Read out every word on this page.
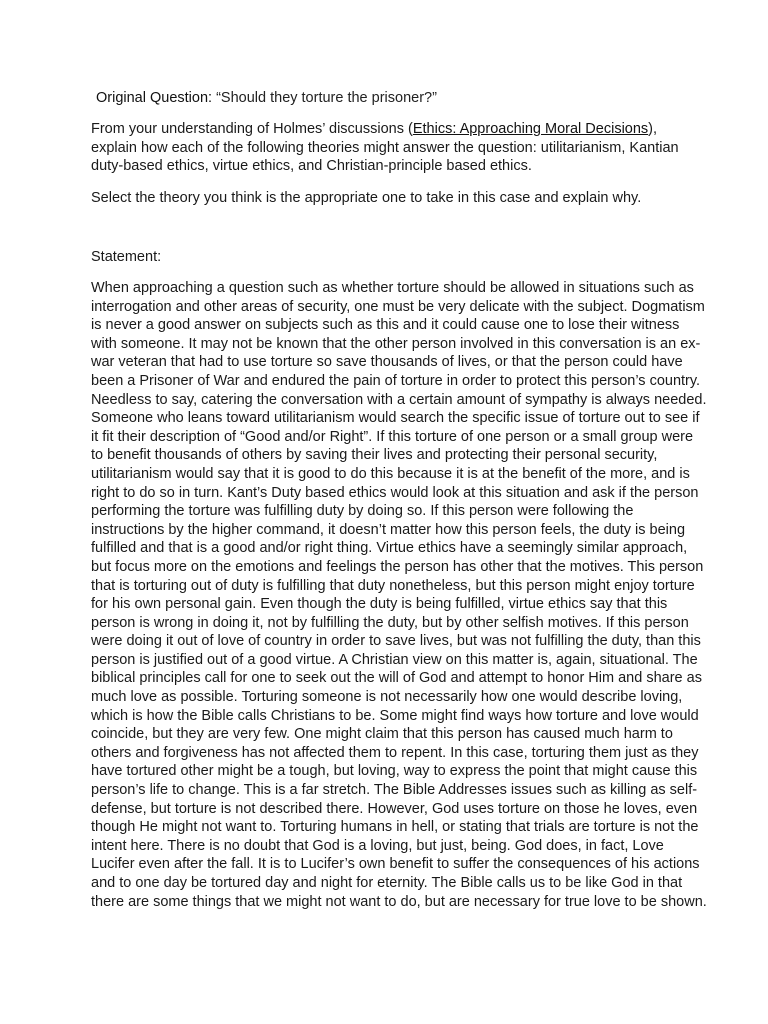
Original Question: “Should they torture the prisoner?”
From your understanding of Holmes’ discussions (Ethics: Approaching Moral Decisions),
explain how each of the following theories might answer the question: utilitarianism, Kantian
duty-based ethics, virtue ethics, and Christian-principle based ethics.
Select the theory you think is the appropriate one to take in this case and explain why.
Statement:
When approaching a question such as whether torture should be allowed in situations such as
interrogation and other areas of security, one must be very delicate with the subject. Dogmatism
is never a good answer on subjects such as this and it could cause one to lose their witness
with someone. It may not be known that the other person involved in this conversation is an ex-
war veteran that had to use torture so save thousands of lives, or that the person could have
been a Prisoner of War and endured the pain of torture in order to protect this person’s country.
Needless to say, catering the conversation with a certain amount of sympathy is always needed.
Someone who leans toward utilitarianism would search the specific issue of torture out to see if
it fit their description of “Good and/or Right”. If this torture of one person or a small group were
to benefit thousands of others by saving their lives and protecting their personal security,
utilitarianism would say that it is good to do this because it is at the benefit of the more, and is
right to do so in turn. Kant’s Duty based ethics would look at this situation and ask if the person
performing the torture was fulfilling duty by doing so. If this person were following the
instructions by the higher command, it doesn’t matter how this person feels, the duty is being
fulfilled and that is a good and/or right thing. Virtue ethics have a seemingly similar approach,
but focus more on the emotions and feelings the person has other that the motives. This person
that is torturing out of duty is fulfilling that duty nonetheless, but this person might enjoy torture
for his own personal gain. Even though the duty is being fulfilled, virtue ethics say that this
person is wrong in doing it, not by fulfilling the duty, but by other selfish motives. If this person
were doing it out of love of country in order to save lives, but was not fulfilling the duty, than this
person is justified out of a good virtue. A Christian view on this matter is, again, situational. The
biblical principles call for one to seek out the will of God and attempt to honor Him and share as
much love as possible. Torturing someone is not necessarily how one would describe loving,
which is how the Bible calls Christians to be. Some might find ways how torture and love would
coincide, but they are very few. One might claim that this person has caused much harm to
others and forgiveness has not affected them to repent. In this case, torturing them just as they
have tortured other might be a tough, but loving, way to express the point that might cause this
person’s life to change. This is a far stretch. The Bible Addresses issues such as killing as self-
defense, but torture is not described there. However, God uses torture on those he loves, even
though He might not want to. Torturing humans in hell, or stating that trials are torture is not the
intent here. There is no doubt that God is a loving, but just, being. God does, in fact, Love
Lucifer even after the fall. It is to Lucifer’s own benefit to suffer the consequences of his actions
and to one day be tortured day and night for eternity. The Bible calls us to be like God in that
there are some things that we might not want to do, but are necessary for true love to be shown.
